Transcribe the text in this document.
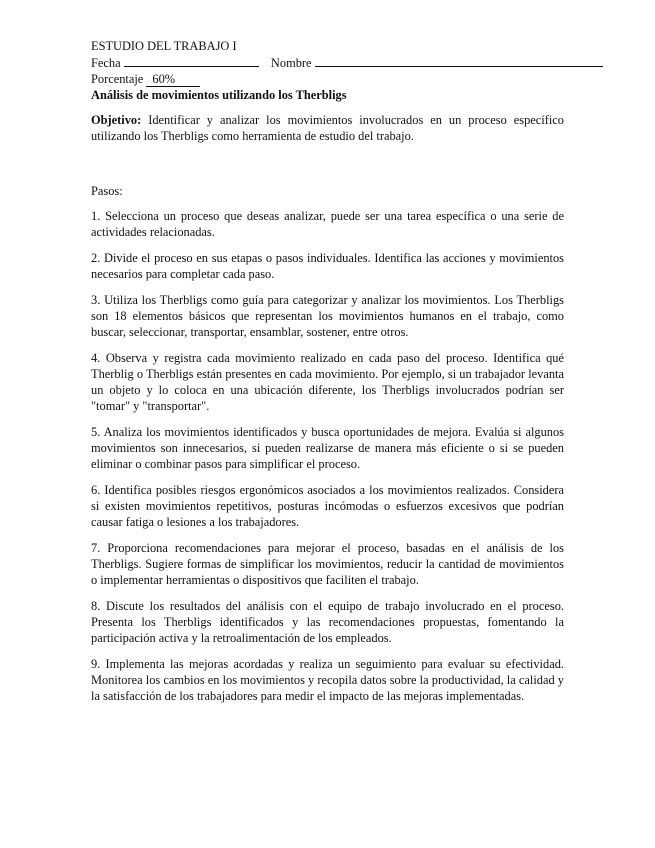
ESTUDIO DEL TRABAJO I
Fecha	Nombre
Porcentaje 60%
Análisis de movimientos utilizando los Therbligs

Objetivo: Identificar y analizar los movimientos involucrados en un proceso específico utilizando los Therbligs como herramienta de estudio del trabajo.

Pasos:

1. Selecciona un proceso que deseas analizar, puede ser una tarea específica o una serie de actividades relacionadas.

2. Divide el proceso en sus etapas o pasos individuales. Identifica las acciones y movimientos necesarios para completar cada paso.

3. Utiliza los Therbligs como guía para categorizar y analizar los movimientos. Los Therbligs son 18 elementos básicos que representan los movimientos humanos en el trabajo, como buscar, seleccionar, transportar, ensamblar, sostener, entre otros.

4. Observa y registra cada movimiento realizado en cada paso del proceso. Identifica qué Therblig o Therbligs están presentes en cada movimiento. Por ejemplo, si un trabajador levanta un objeto y lo coloca en una ubicación diferente, los Therbligs involucrados podrían ser "tomar" y "transportar".

5. Analiza los movimientos identificados y busca oportunidades de mejora. Evalúa si algunos movimientos son innecesarios, si pueden realizarse de manera más eficiente o si se pueden eliminar o combinar pasos para simplificar el proceso.

6. Identifica posibles riesgos ergonómicos asociados a los movimientos realizados. Considera si existen movimientos repetitivos, posturas incómodas o esfuerzos excesivos que podrían causar fatiga o lesiones a los trabajadores.

7. Proporciona recomendaciones para mejorar el proceso, basadas en el análisis de los Therbligs. Sugiere formas de simplificar los movimientos, reducir la cantidad de movimientos o implementar herramientas o dispositivos que faciliten el trabajo.

8. Discute los resultados del análisis con el equipo de trabajo involucrado en el proceso. Presenta los Therbligs identificados y las recomendaciones propuestas, fomentando la participación activa y la retroalimentación de los empleados.

9. Implementa las mejoras acordadas y realiza un seguimiento para evaluar su efectividad. Monitorea los cambios en los movimientos y recopila datos sobre la productividad, la calidad y la satisfacción de los trabajadores para medir el impacto de las mejoras implementadas.
